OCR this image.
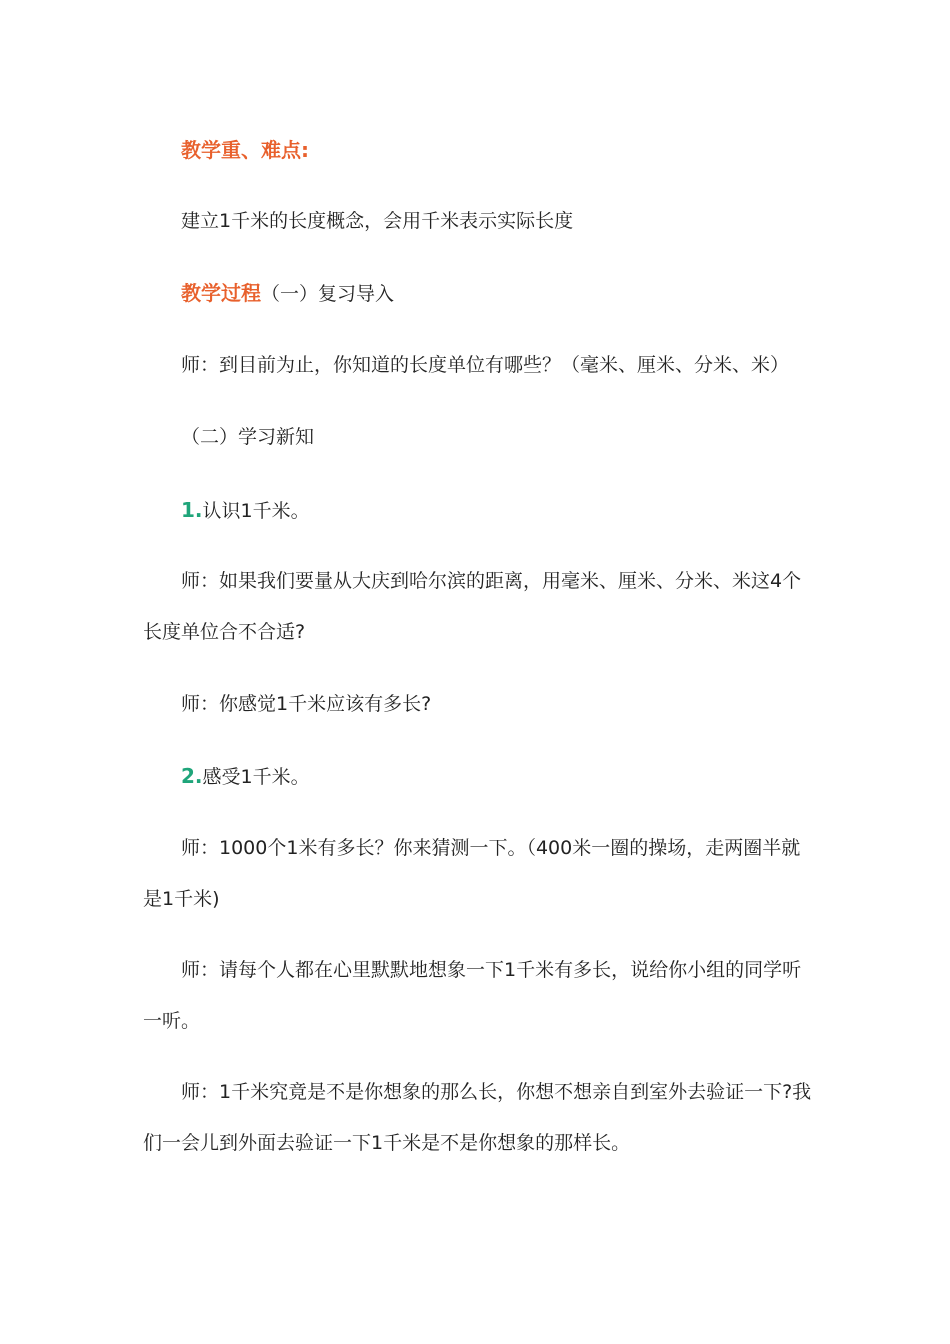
教学重、难点:

建立1千米的长度概念，会用千米表示实际长度

教学过程（一）复习导入

师：到目前为止，你知道的长度单位有哪些？（毫米、厘米、分米、米）

（二）学习新知

1.认识1千米。

师：如果我们要量从大庆到哈尔滨的距离，用毫米、厘米、分米、米这4个长度单位合不合适?

师：你感觉1千米应该有多长?

2.感受1千米。

师：1000个1米有多长？你来猜测一下。（400米一圈的操场，走两圈半就是1千米)

师：请每个人都在心里默默地想象一下1千米有多长，说给你小组的同学听一听。

师：1千米究竟是不是你想象的那么长，你想不想亲自到室外去验证一下?我们一会儿到外面去验证一下1千米是不是你想象的那样长。
